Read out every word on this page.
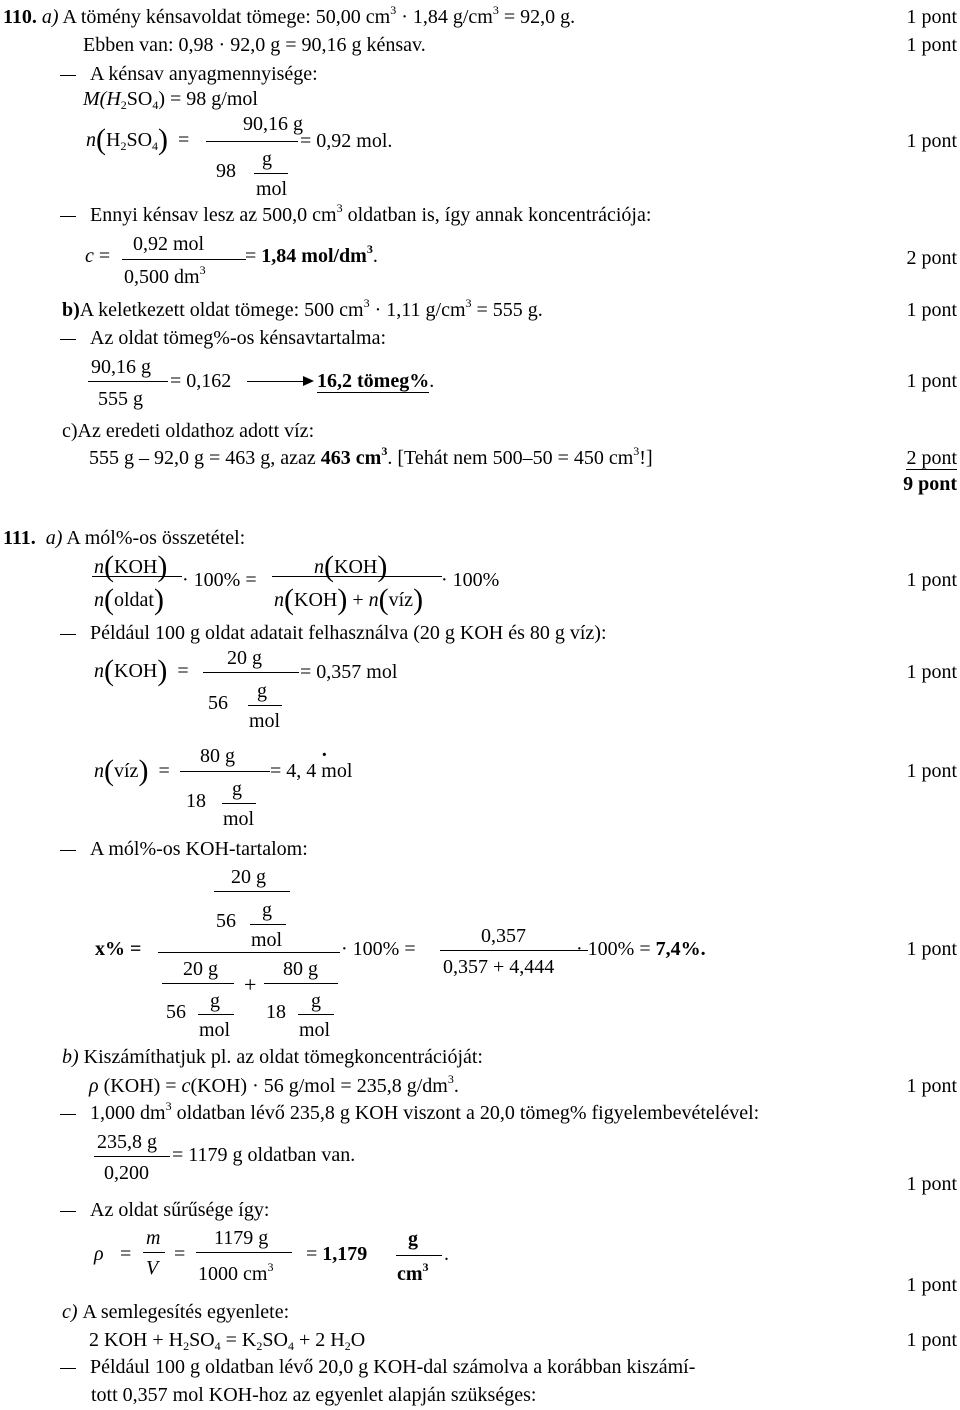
110. a) A tömény kénsavoldat tömege: 50,00 $cm^3 \cdot 1,84$ $g/cm^3 = 92,0$ g.	1 pont
Ebben van: 0,98 · 92,0 g = 90,16 g kénsav.	1 pont
A kénsav anyagmennyisége:
$M(H_2SO_4) = 98$ g/mol
$n(H_2SO_4)$  =
90,16 g
98
g
mol
= 0,92 mol.	1 pont
Ennyi kénsav lesz az 500,0 $cm^3$ oldatban is, így annak koncentrációja:
c =
0,92 mol
0,500 $dm^3$
= 1,84 mol/$dm^3$.	2 pont
b)A keletkezett oldat tömege: 500 $cm^3 \cdot 1,11$ $g/cm^3 = 555$ g.	1 pont
Az oldat tömeg%-os kénsavtartalma:
90,16 g
555 g
= 0,162	16,2 tömeg%.	1 pont
c)Az eredeti oldathoz adott víz:
555 g – 92,0 g = 463 g, azaz 463 $cm^3$. [Tehát nem 500–50 = 450 $cm^3$!]	2 pont
9 pont
111. a) A mól%-os összetétel:
n(KOH)
n(oldat)
· 100% =
n(KOH)
n(KOH) + n(víz)
· 100%	1 pont
Például 100 g oldat adatait felhasználva (20 g KOH és 80 g víz):
n(KOH)  =
20 g
56
g
mol
= 0,357 mol	1 pont
n(víz)  =
80 g
18
g
mol
·
= 4, 4 mol	1 pont
A mól%-os KOH-tartalom:
x% =
20 g
56 g
mol
20 g
56 g
mol
+
80 g
18 g
mol
· 100% =
0,357
0,357 + 4,444
· 100% = 7,4%.	1 pont
b) Kiszámíthatjuk pl. az oldat tömegkoncentrációját:
ρ (KOH) = c(KOH) · 56 g/mol = 235,8 $g/dm^3$.	1 pont
1,000 $dm^3$ oldatban lévő 235,8 g KOH viszont a 20,0 tömeg% figyelembevételével:
235,8 g
0,200
= 1179 g oldatban van.
1 pont
Az oldat sűrűsége így:
ρ =
m
V
=
1179 g
1000 $cm^3$
= 1,179
g
$cm^3$
.
1 pont
c) A semlegesítés egyenlete:
2 KOH + $H_2SO_4 = K_2SO_4 + 2$ $H_2O$	1 pont
Például 100 g oldatban lévő 20,0 g KOH-dal számolva a korábban kiszámí-
tott 0,357 mol KOH-hoz az egyenlet alapján szükséges:
